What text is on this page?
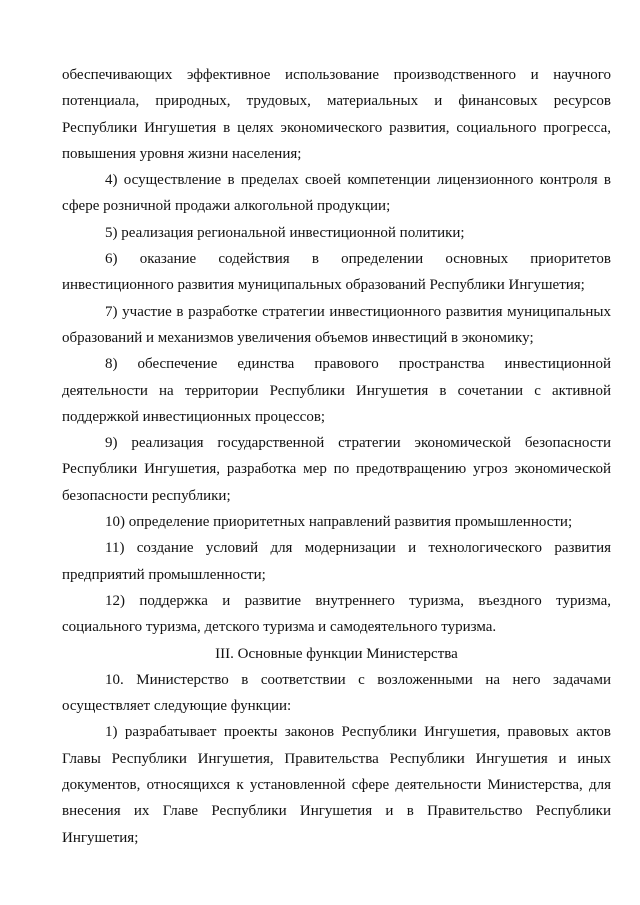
обеспечивающих эффективное использование производственного и научного потенциала, природных, трудовых, материальных и финансовых ресурсов Республики Ингушетия в целях экономического развития, социального прогресса, повышения уровня жизни населения;

4) осуществление в пределах своей компетенции лицензионного контроля в сфере розничной продажи алкогольной продукции;

5) реализация региональной инвестиционной политики;

6) оказание содействия в определении основных приоритетов инвестиционного развития муниципальных образований Республики Ингушетия;

7) участие в разработке стратегии инвестиционного развития муниципальных образований и механизмов увеличения объемов инвестиций в экономику;

8) обеспечение единства правового пространства инвестиционной деятельности на территории Республики Ингушетия в сочетании с активной поддержкой инвестиционных процессов;

9) реализация государственной стратегии экономической безопасности Республики Ингушетия, разработка мер по предотвращению угроз экономической безопасности республики;

10) определение приоритетных направлений развития промышленности;

11) создание условий для модернизации и технологического развития предприятий промышленности;

12) поддержка и развитие внутреннего туризма, въездного туризма, социального туризма, детского туризма и самодеятельного туризма.

III. Основные функции Министерства

10. Министерство в соответствии с возложенными на него задачами осуществляет следующие функции:

1) разрабатывает проекты законов Республики Ингушетия, правовых актов Главы Республики Ингушетия, Правительства Республики Ингушетия и иных документов, относящихся к установленной сфере деятельности Министерства, для внесения их Главе Республики Ингушетия и в Правительство Республики Ингушетия;
